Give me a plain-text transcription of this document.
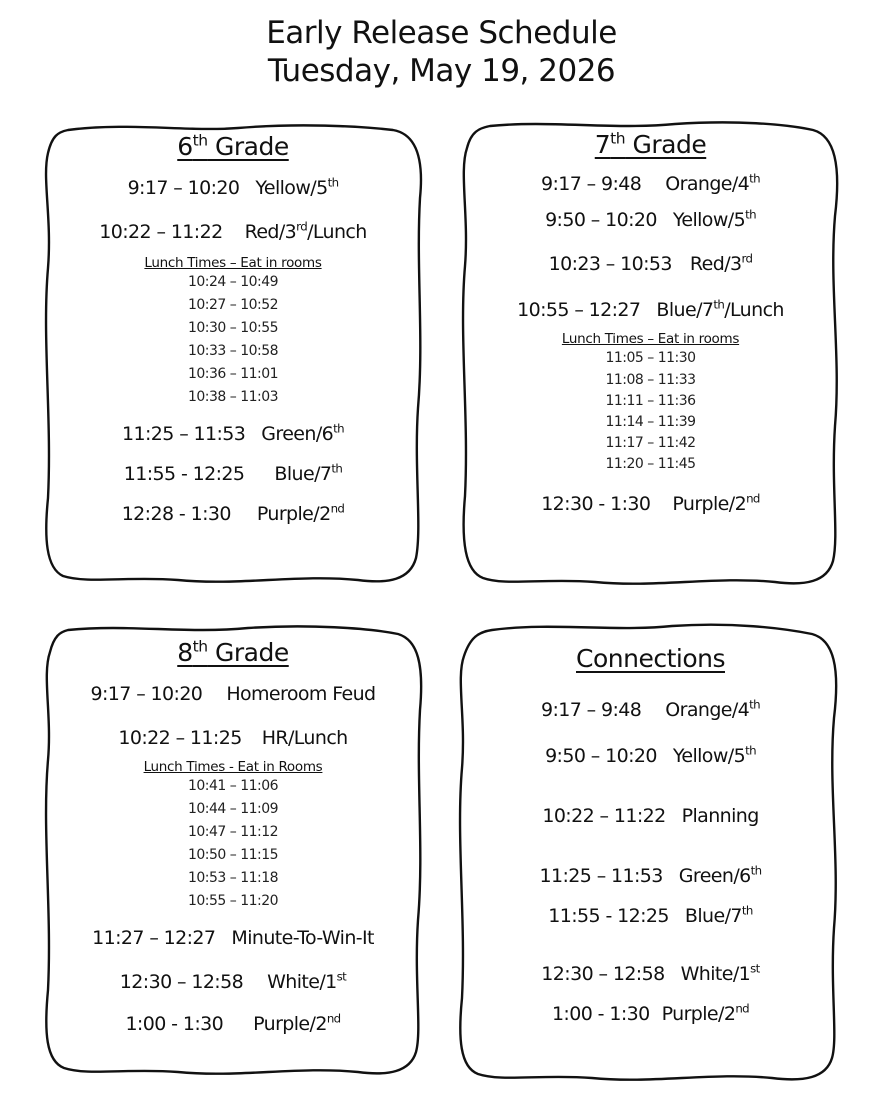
Early Release Schedule
Tuesday, May 19, 2026
6th Grade
9:17 – 10:20 Yellow/5th
10:22 – 11:22 Red/3rd/Lunch
Lunch Times – Eat in rooms
10:24 – 10:49
10:27 – 10:52
10:30 – 10:55
10:33 – 10:58
10:36 – 11:01
10:38 – 11:03
11:25 – 11:53 Green/6th
11:55 - 12:25 Blue/7th
12:28 - 1:30 Purple/2nd
7th Grade
9:17 – 9:48 Orange/4th
9:50 – 10:20 Yellow/5th
10:23 – 10:53 Red/3rd
10:55 – 12:27 Blue/7th/Lunch
Lunch Times – Eat in rooms
11:05 – 11:30
11:08 – 11:33
11:11 – 11:36
11:14 – 11:39
11:17 – 11:42
11:20 – 11:45
12:30 - 1:30 Purple/2nd
8th Grade
9:17 – 10:20 Homeroom Feud
10:22 – 11:25 HR/Lunch
Lunch Times - Eat in Rooms
10:41 – 11:06
10:44 – 11:09
10:47 – 11:12
10:50 – 11:15
10:53 – 11:18
10:55 – 11:20
11:27 – 12:27 Minute-To-Win-It
12:30 – 12:58 White/1st
1:00 - 1:30 Purple/2nd
Connections
9:17 – 9:48 Orange/4th
9:50 – 10:20 Yellow/5th
10:22 – 11:22 Planning
11:25 – 11:53 Green/6th
11:55 - 12:25 Blue/7th
12:30 – 12:58 White/1st
1:00 - 1:30 Purple/2nd
